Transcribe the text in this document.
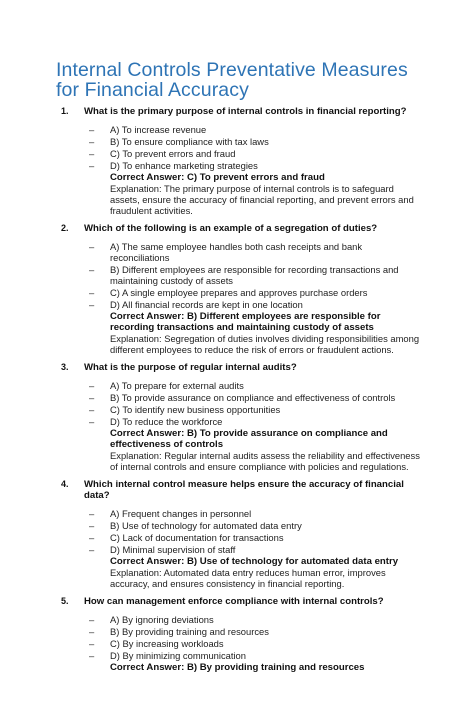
Internal Controls Preventative Measures for Financial Accuracy
1. What is the primary purpose of internal controls in financial reporting?
– A) To increase revenue
– B) To ensure compliance with tax laws
– C) To prevent errors and fraud
– D) To enhance marketing strategies
Correct Answer: C) To prevent errors and fraud
Explanation: The primary purpose of internal controls is to safeguard assets, ensure the accuracy of financial reporting, and prevent errors and fraudulent activities.
2. Which of the following is an example of a segregation of duties?
– A) The same employee handles both cash receipts and bank reconciliations
– B) Different employees are responsible for recording transactions and maintaining custody of assets
– C) A single employee prepares and approves purchase orders
– D) All financial records are kept in one location
Correct Answer: B) Different employees are responsible for recording transactions and maintaining custody of assets
Explanation: Segregation of duties involves dividing responsibilities among different employees to reduce the risk of errors or fraudulent actions.
3. What is the purpose of regular internal audits?
– A) To prepare for external audits
– B) To provide assurance on compliance and effectiveness of controls
– C) To identify new business opportunities
– D) To reduce the workforce
Correct Answer: B) To provide assurance on compliance and effectiveness of controls
Explanation: Regular internal audits assess the reliability and effectiveness of internal controls and ensure compliance with policies and regulations.
4. Which internal control measure helps ensure the accuracy of financial data?
– A) Frequent changes in personnel
– B) Use of technology for automated data entry
– C) Lack of documentation for transactions
– D) Minimal supervision of staff
Correct Answer: B) Use of technology for automated data entry
Explanation: Automated data entry reduces human error, improves accuracy, and ensures consistency in financial reporting.
5. How can management enforce compliance with internal controls?
– A) By ignoring deviations
– B) By providing training and resources
– C) By increasing workloads
– D) By minimizing communication
Correct Answer: B) By providing training and resources
